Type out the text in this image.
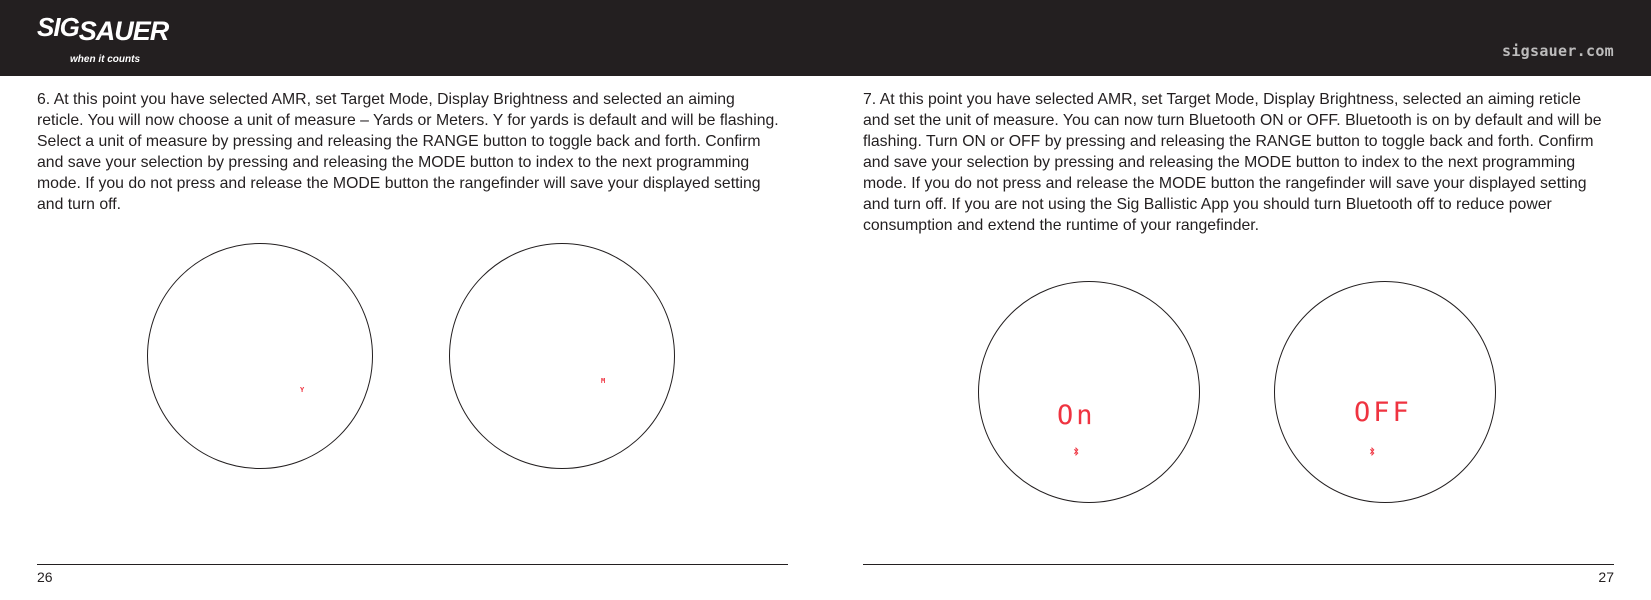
SIGSAUER
when it counts	sigsauer.com

6. At this point you have selected AMR, set Target Mode, Display Brightness and selected an aiming reticle. You will now choose a unit of measure – Yards or Meters. Y for yards is default and will be flashing. Select a unit of measure by pressing and releasing the RANGE button to toggle back and forth. Confirm and save your selection by pressing and releasing the MODE button to index to the next programming mode. If you do not press and release the MODE button the rangefinder will save your displayed setting and turn off.

Y
M
26

7. At this point you have selected AMR, set Target Mode, Display Brightness, selected an aiming reticle and set the unit of measure. You can now turn Bluetooth ON or OFF. Bluetooth is on by default and will be flashing. Turn ON or OFF by pressing and releasing the RANGE button to toggle back and forth. Confirm and save your selection by pressing and releasing the MODE button to index to the next programming mode. If you do not press and release the MODE button the rangefinder will save your displayed setting and turn off. If you are not using the Sig Ballistic App you should turn Bluetooth off to reduce power consumption and extend the runtime of your rangefinder.

On	OFF
27
